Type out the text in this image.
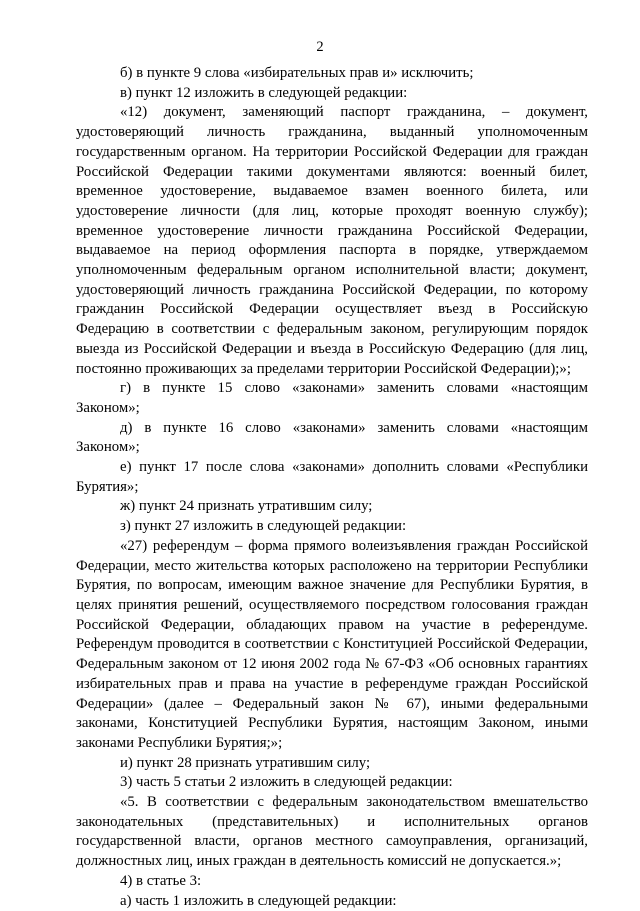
2

б) в пункте 9 слова «избирательных прав и» исключить;

в) пункт 12 изложить в следующей редакции:

«12) документ, заменяющий паспорт гражданина, – документ, удостоверяющий личность гражданина, выданный уполномоченным государственным органом. На территории Российской Федерации для граждан Российской Федерации такими документами являются: военный билет, временное удостоверение, выдаваемое взамен военного билета, или удостоверение личности (для лиц, которые проходят военную службу); временное удостоверение личности гражданина Российской Федерации, выдаваемое на период оформления паспорта в порядке, утверждаемом уполномоченным федеральным органом исполнительной власти; документ, удостоверяющий личность гражданина Российской Федерации, по которому гражданин Российской Федерации осуществляет въезд в Российскую Федерацию в соответствии с федеральным законом, регулирующим порядок выезда из Российской Федерации и въезда в Российскую Федерацию (для лиц, постоянно проживающих за пределами территории Российской Федерации);»;

г) в пункте 15 слово «законами» заменить словами «настоящим Законом»;

д) в пункте 16 слово «законами» заменить словами «настоящим Законом»;

е) пункт 17 после слова «законами» дополнить словами «Республики Бурятия»;

ж) пункт 24 признать утратившим силу;

з) пункт 27 изложить в следующей редакции:

«27) референдум – форма прямого волеизъявления граждан Российской Федерации, место жительства которых расположено на территории Республики Бурятия, по вопросам, имеющим важное значение для Республики Бурятия, в целях принятия решений, осуществляемого посредством голосования граждан Российской Федерации, обладающих правом на участие в референдуме. Референдум проводится в соответствии с Конституцией Российской Федерации, Федеральным законом от 12 июня 2002 года № 67-ФЗ «Об основных гарантиях избирательных прав и права на участие в референдуме граждан Российской Федерации» (далее – Федеральный закон № 67), иными федеральными законами, Конституцией Республики Бурятия, настоящим Законом, иными законами Республики Бурятия;»;

и) пункт 28 признать утратившим силу;

3) часть 5 статьи 2 изложить в следующей редакции:

«5. В соответствии с федеральным законодательством вмешательство законодательных (представительных) и исполнительных органов государственной власти, органов местного самоуправления, организаций, должностных лиц, иных граждан в деятельность комиссий не допускается.»;

4) в статье 3:

а) часть 1 изложить в следующей редакции:
